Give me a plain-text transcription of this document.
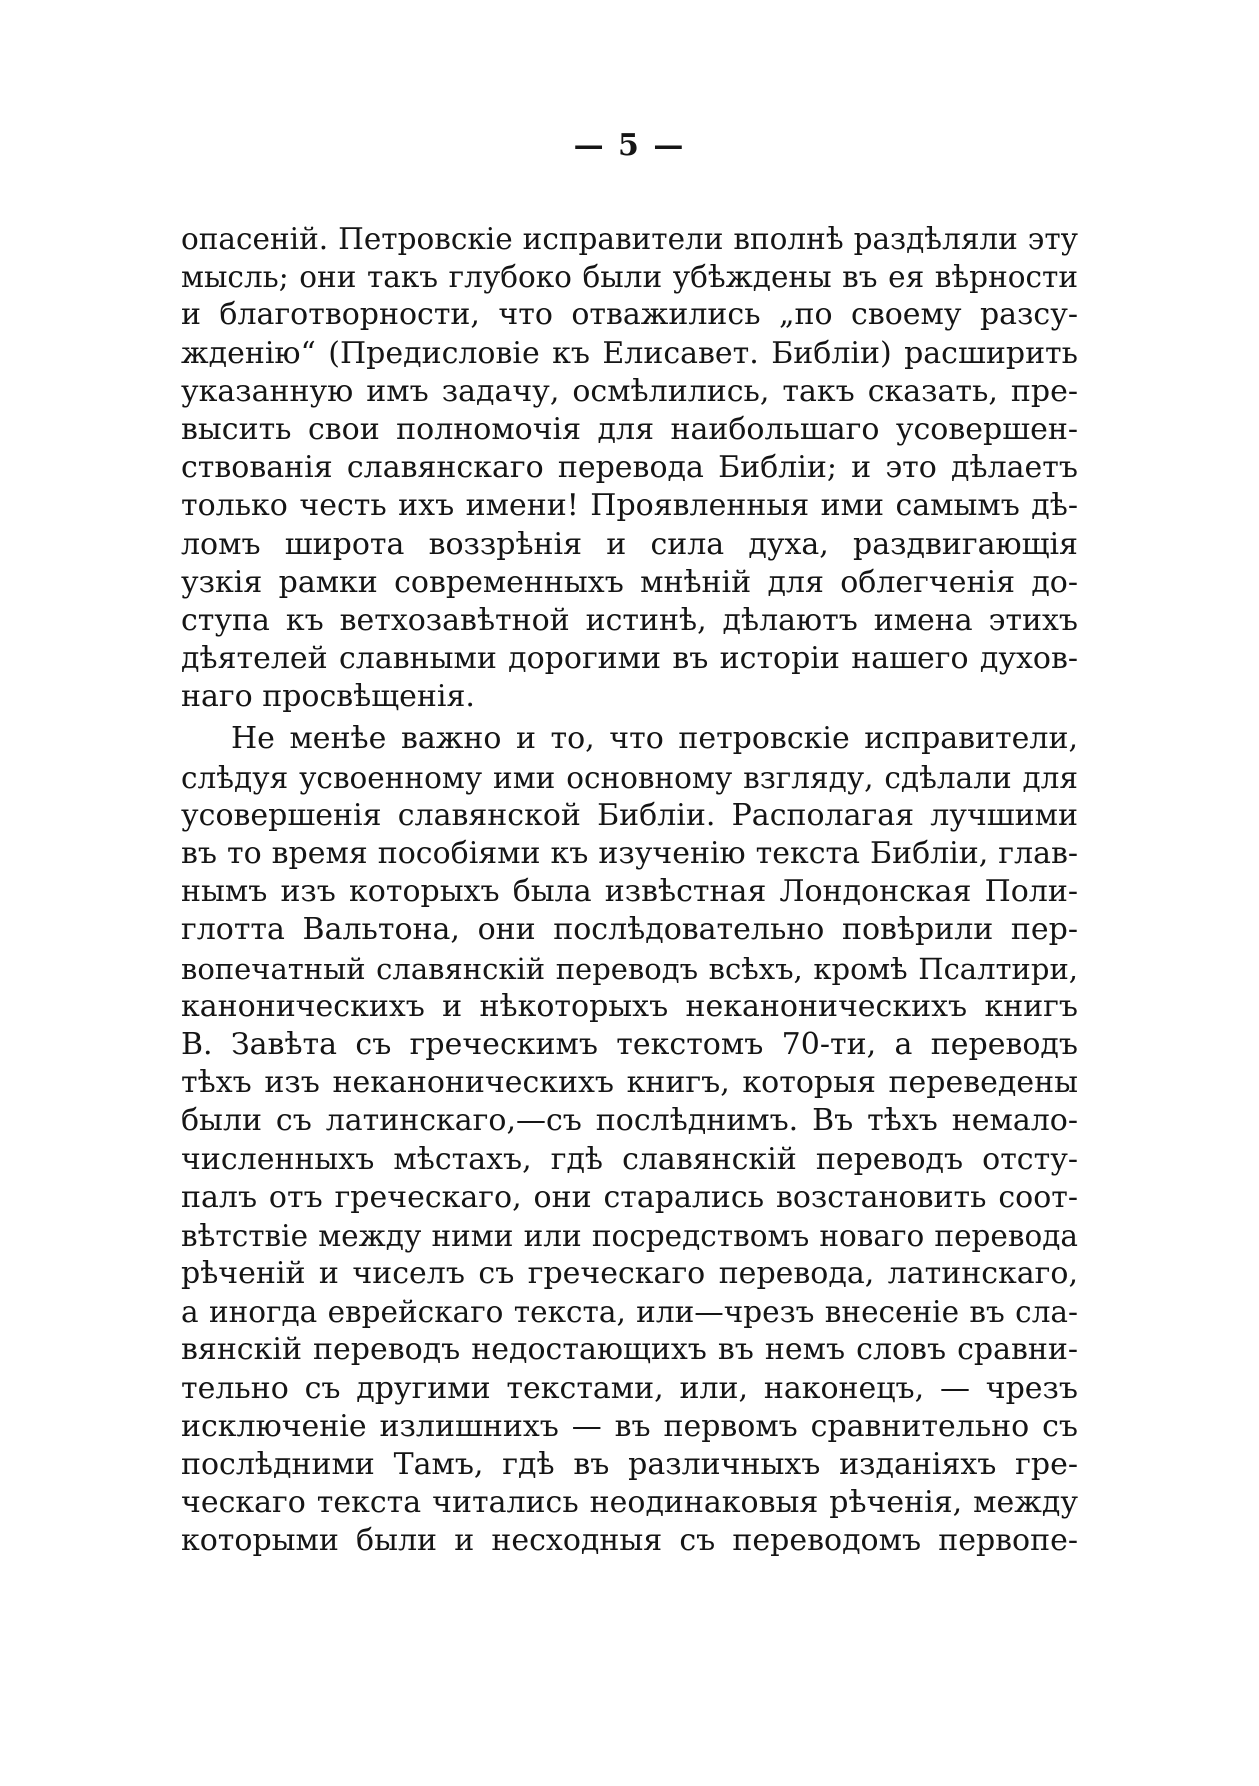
— 5 —
опасеній. Петровскіе исправители вполнѣ раздѣляли эту
мысль; они такъ глубоко были убѣждены въ ея вѣрности
и благотворности, что отважились „по своему разсу-
жденію“ (Предисловіе къ Елисавет. Библіи) расширить
указанную имъ задачу, осмѣлились, такъ сказать, пре-
высить свои полномочія для наибольшаго усовершен-
ствованія славянскаго перевода Библіи; и это дѣлаетъ
только честь ихъ имени! Проявленныя ими самымъ дѣ-
ломъ широта воззрѣнія и сила духа, раздвигающія
узкія рамки современныхъ мнѣній для облегченія до-
ступа къ ветхозавѣтной истинѣ, дѣлаютъ имена этихъ
дѣятелей славными дорогими въ исторіи нашего духов-
наго просвѣщенія.
Не менѣе важно и то, что петровскіе исправители,
слѣдуя усвоенному ими основному взгляду, сдѣлали для
усовершенія славянской Библіи. Располагая лучшими
въ то время пособіями къ изученію текста Библіи, глав-
нымъ изъ которыхъ была извѣстная Лондонская Поли-
глотта Вальтона, они послѣдовательно повѣрили пер-
вопечатный славянскій переводъ всѣхъ, кромѣ Псалтири,
каноническихъ и нѣкоторыхъ неканоническихъ книгъ
В. Завѣта съ греческимъ текстомъ 70-ти, а переводъ
тѣхъ изъ неканоническихъ книгъ, которыя переведены
были съ латинскаго,—съ послѣднимъ. Въ тѣхъ немало-
численныхъ мѣстахъ, гдѣ славянскій переводъ отсту-
палъ отъ греческаго, они старались возстановить соот-
вѣтствіе между ними или посредствомъ новаго перевода
рѣченій и чиселъ съ греческаго перевода, латинскаго,
а иногда еврейскаго текста, или—чрезъ внесеніе въ сла-
вянскій переводъ недостающихъ въ немъ словъ сравни-
тельно съ другими текстами, или, наконецъ, — чрезъ
исключеніе излишнихъ — въ первомъ сравнительно съ
послѣдними Тамъ, гдѣ въ различныхъ изданіяхъ гре-
ческаго текста читались неодинаковыя рѣченія, между
которыми были и несходныя съ переводомъ первопе-
